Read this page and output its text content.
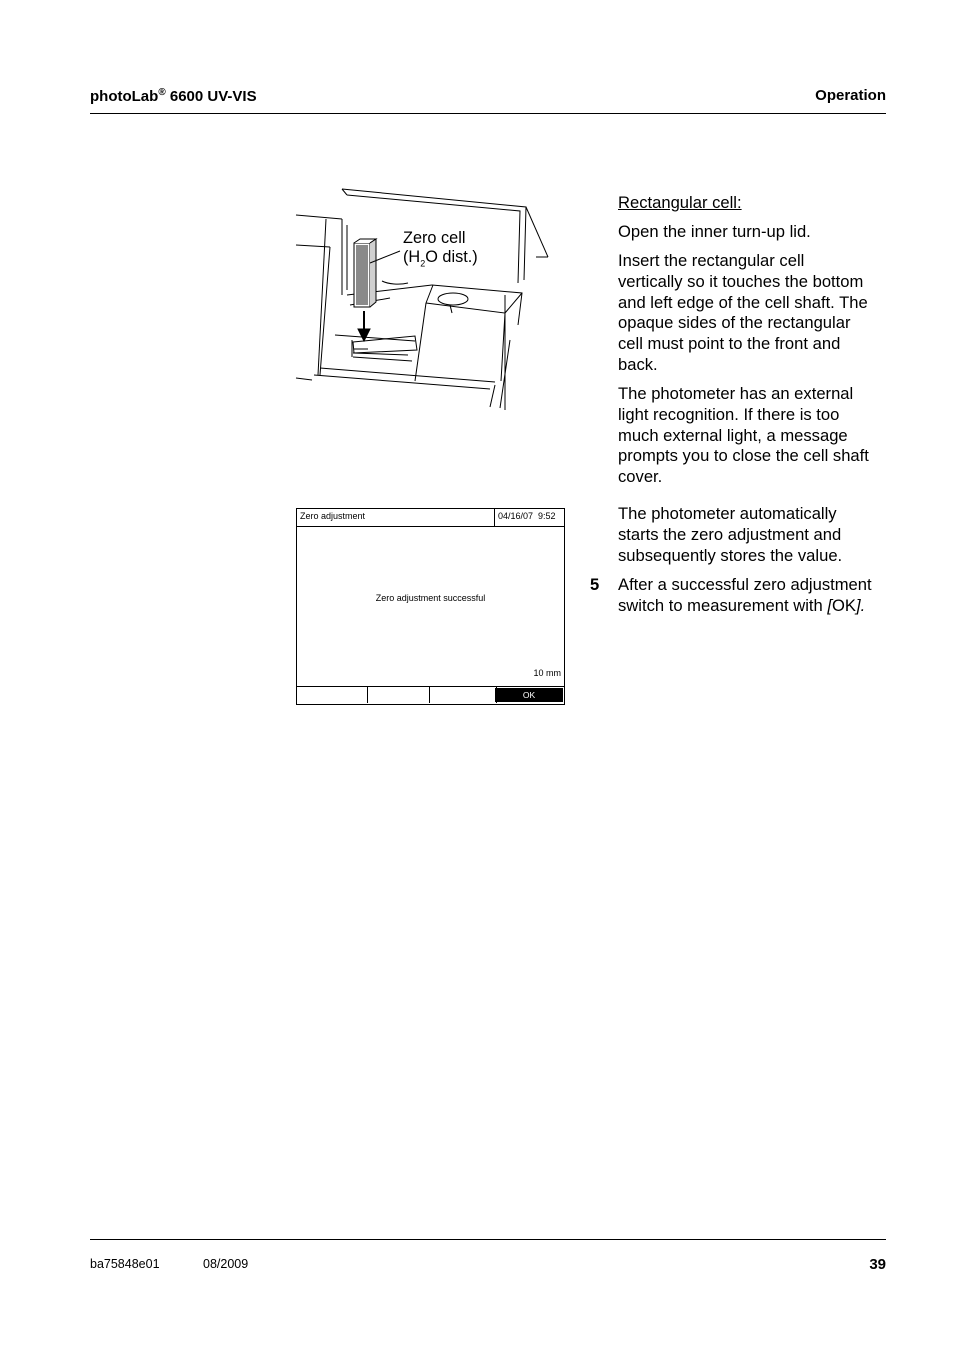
photoLab® 6600 UV-VIS	Operation
Zero cell
($H_2O$ dist.)
Zero adjustment	04/16/07  9:52
Zero adjustment successful
10 mm
OK
Rectangular cell:
Open the inner turn-up lid.
Insert the rectangular cell
vertically so it touches the bottom
and left edge of the cell shaft. The
opaque sides of the rectangular
cell must point to the front and
back.
The photometer has an external
light recognition. If there is too
much external light, a message
prompts you to close the cell shaft
cover.
The photometer automatically
starts the zero adjustment and
subsequently stores the value.
5 After a successful zero adjustment
switch to measurement with [OK].
ba75848e01	08/2009	39
